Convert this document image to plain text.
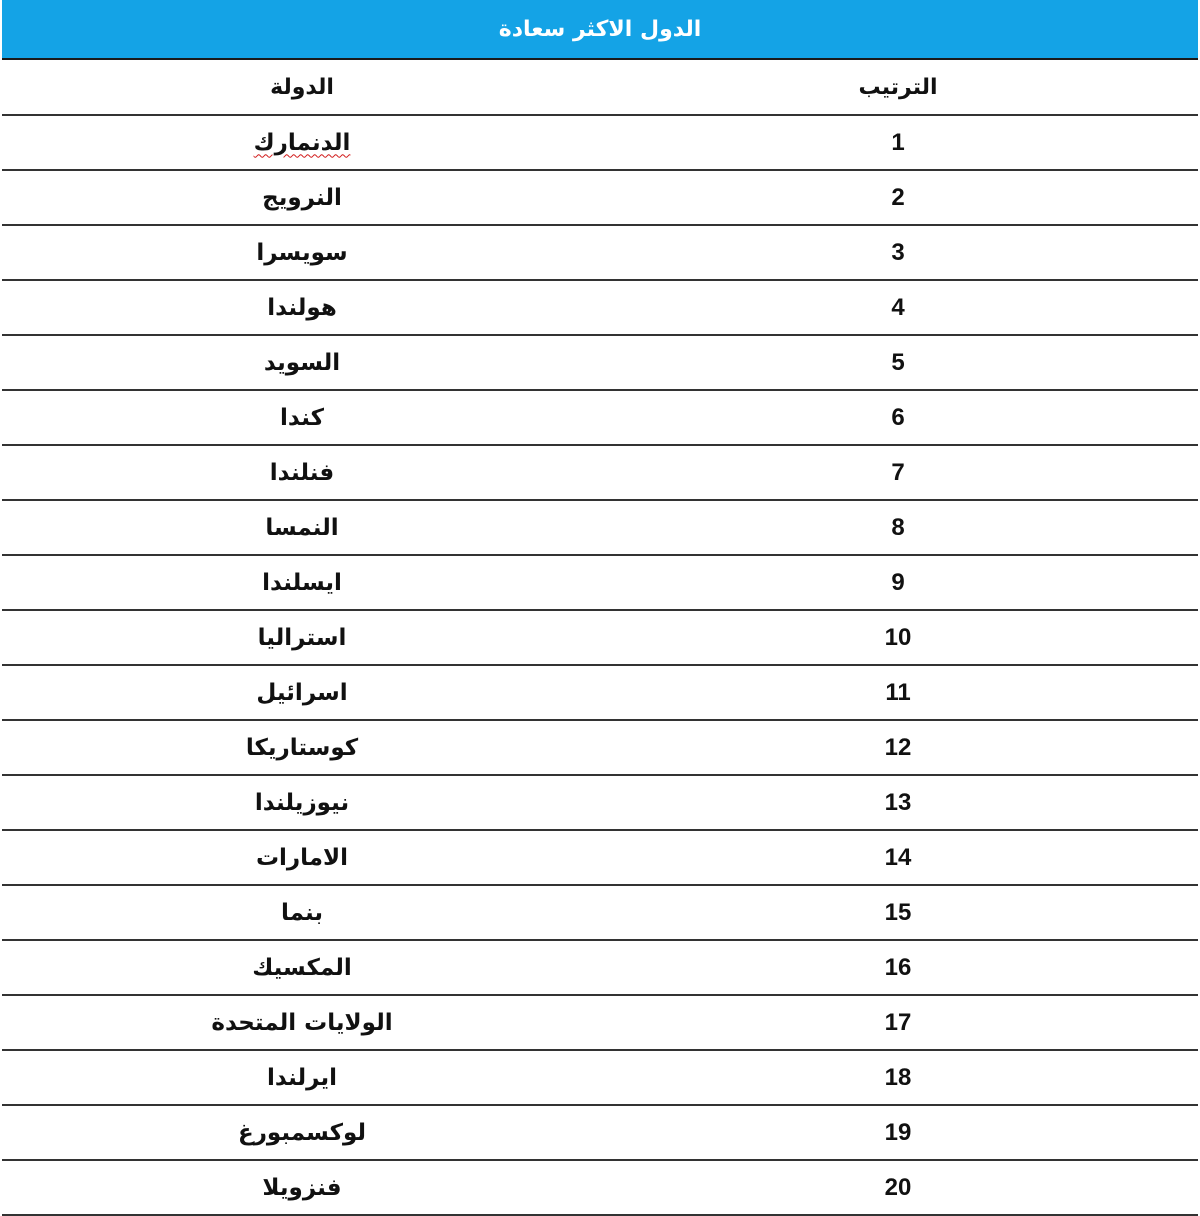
الدول الاكثر سعادة
الدولة	الترتيب
الدنمارك	1
النرويج	2
سويسرا	3
هولندا	4
السويد	5
كندا	6
فنلندا	7
النمسا	8
ايسلندا	9
استراليا	10
اسرائيل	11
كوستاريكا	12
نيوزيلندا	13
الامارات	14
بنما	15
المكسيك	16
الولايات المتحدة	17
ايرلندا	18
لوكسمبورغ	19
فنزويلا	20
